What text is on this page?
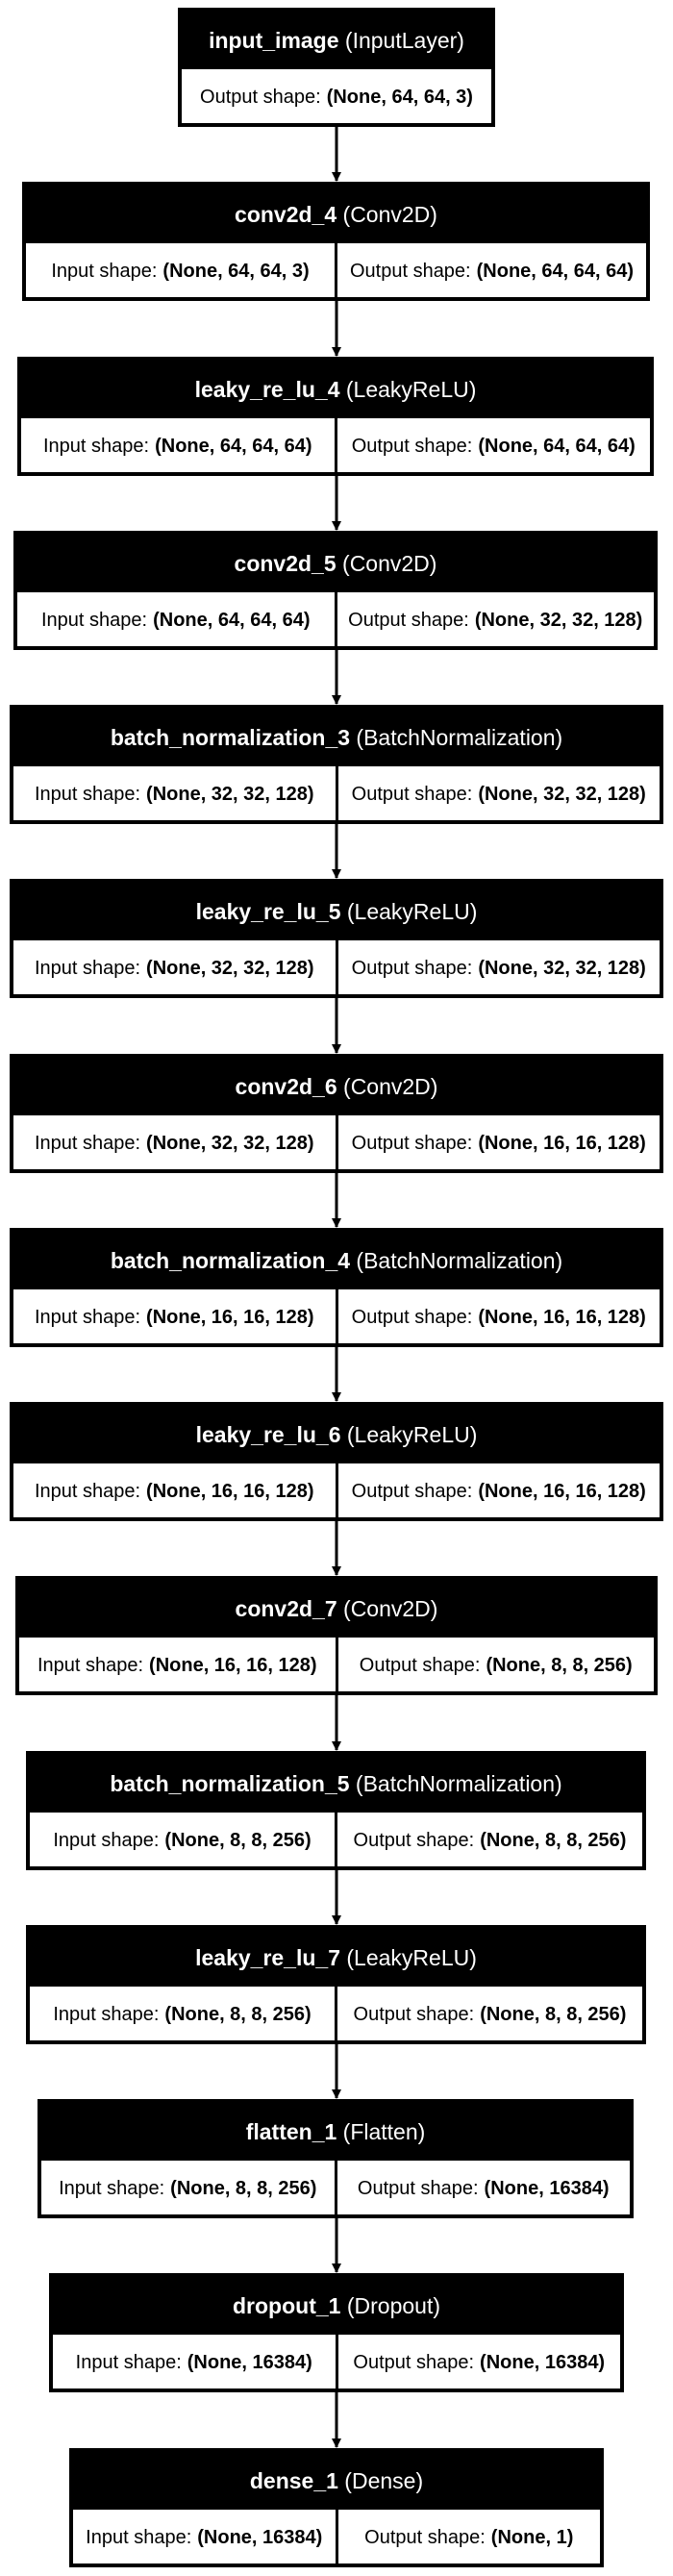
input_image (InputLayer)
Output shape: (None, 64, 64, 3)
conv2d_4 (Conv2D)
Input shape: (None, 64, 64, 3) Output shape: (None, 64, 64, 64)
leaky_re_lu_4 (LeakyReLU)
Input shape: (None, 64, 64, 64) Output shape: (None, 64, 64, 64)
conv2d_5 (Conv2D)
Input shape: (None, 64, 64, 64) Output shape: (None, 32, 32, 128)
batch_normalization_3 (BatchNormalization)
Input shape: (None, 32, 32, 128) Output shape: (None, 32, 32, 128)
leaky_re_lu_5 (LeakyReLU)
Input shape: (None, 32, 32, 128) Output shape: (None, 32, 32, 128)
conv2d_6 (Conv2D)
Input shape: (None, 32, 32, 128) Output shape: (None, 16, 16, 128)
batch_normalization_4 (BatchNormalization)
Input shape: (None, 16, 16, 128) Output shape: (None, 16, 16, 128)
leaky_re_lu_6 (LeakyReLU)
Input shape: (None, 16, 16, 128) Output shape: (None, 16, 16, 128)
conv2d_7 (Conv2D)
Input shape: (None, 16, 16, 128) Output shape: (None, 8, 8, 256)
batch_normalization_5 (BatchNormalization)
Input shape: (None, 8, 8, 256) Output shape: (None, 8, 8, 256)
leaky_re_lu_7 (LeakyReLU)
Input shape: (None, 8, 8, 256) Output shape: (None, 8, 8, 256)
flatten_1 (Flatten)
Input shape: (None, 8, 8, 256) Output shape: (None, 16384)
dropout_1 (Dropout)
Input shape: (None, 16384) Output shape: (None, 16384)
dense_1 (Dense)
Input shape: (None, 16384) Output shape: (None, 1)
